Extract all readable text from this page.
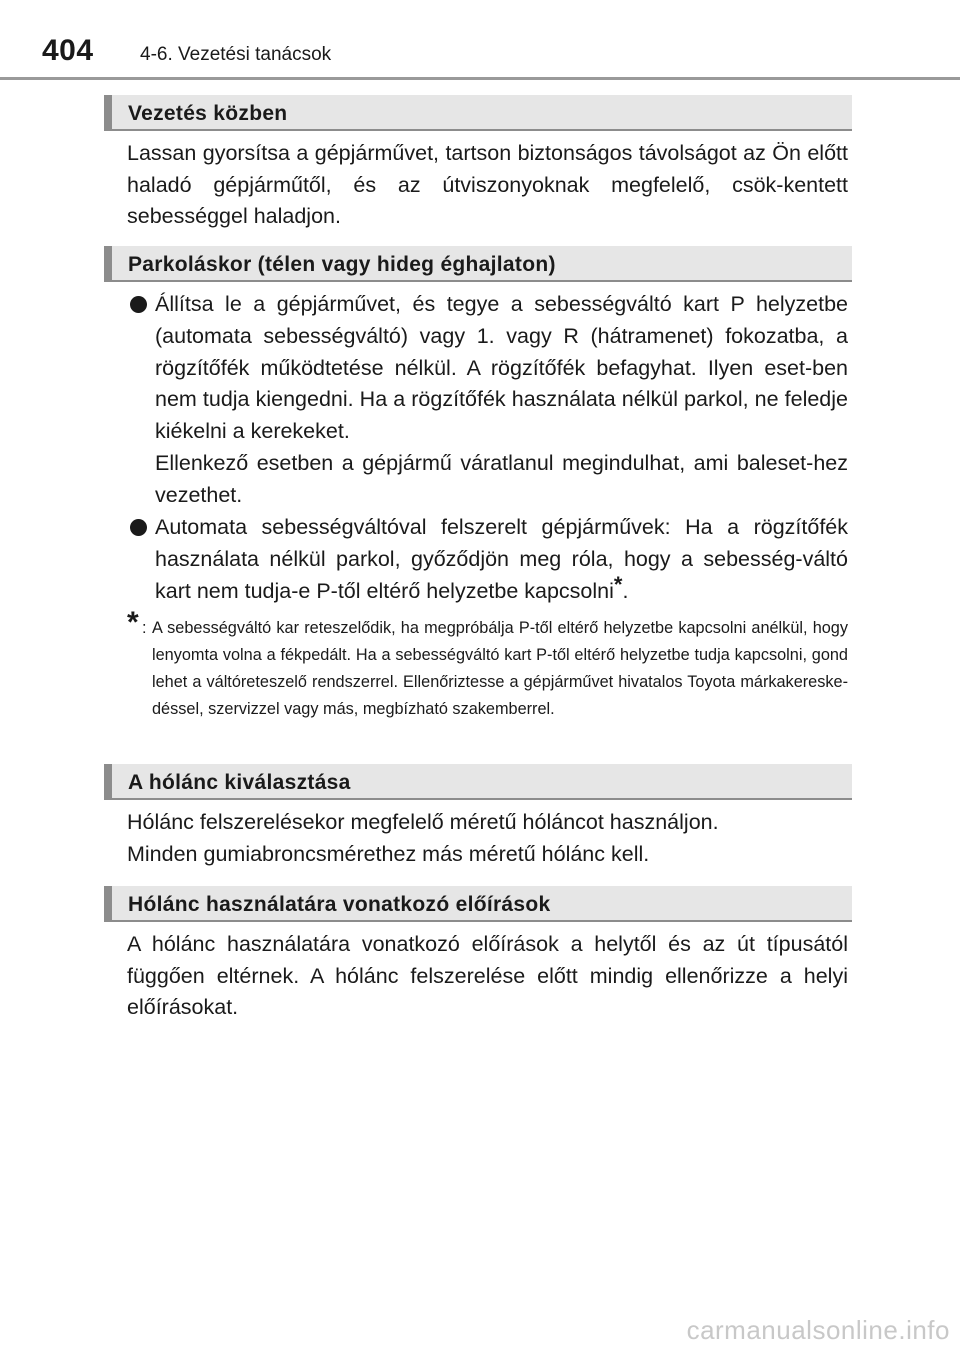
404 4-6. Vezetési tanácsok
Vezetés közben

Lassan gyorsítsa a gépjárművet, tartson biztonságos távolságot az Ön előtt haladó gépjárműtől, és az útviszonyoknak megfelelő, csök-kentett sebességgel haladjon.

Parkoláskor (télen vagy hideg éghajlaton)

Állítsa le a gépjárművet, és tegye a sebességváltó kart P helyzetbe (automata sebességváltó) vagy 1. vagy R (hátramenet) fokozatba, a rögzítőfék működtetése nélkül. A rögzítőfék befagyhat. Ilyen eset-ben nem tudja kiengedni. Ha a rögzítőfék használata nélkül parkol, ne feledje kiékelni a kerekeket.

Ellenkező esetben a gépjármű váratlanul megindulhat, ami baleset-hez vezethet.

Automata sebességváltóval felszerelt gépjárművek: Ha a rögzítőfék használata nélkül parkol, győződjön meg róla, hogy a sebesség-váltó kart nem tudja-e P-től eltérő helyzetbe kapcsolni*.

* : A sebességváltó kar reteszelődik, ha megpróbálja P-től eltérő helyzetbe kapcsolni anélkül, hogy lenyomta volna a fékpedált. Ha a sebességváltó kart P-től eltérő helyzetbe tudja kapcsolni, gond lehet a váltóreteszelő rendszerrel. Ellenőriztesse a gépjárművet hivatalos Toyota márkakereske-déssel, szervizzel vagy más, megbízható szakemberrel.
A hólánc kiválasztása

Hólánc felszerelésekor megfelelő méretű hóláncot használjon.

Minden gumiabroncsmérethez más méretű hólánc kell.

Hólánc használatára vonatkozó előírások

A hólánc használatára vonatkozó előírások a helytől és az út típusától függően eltérnek. A hólánc felszerelése előtt mindig ellenőrizze a helyi előírásokat.

carmanualsonline.info
